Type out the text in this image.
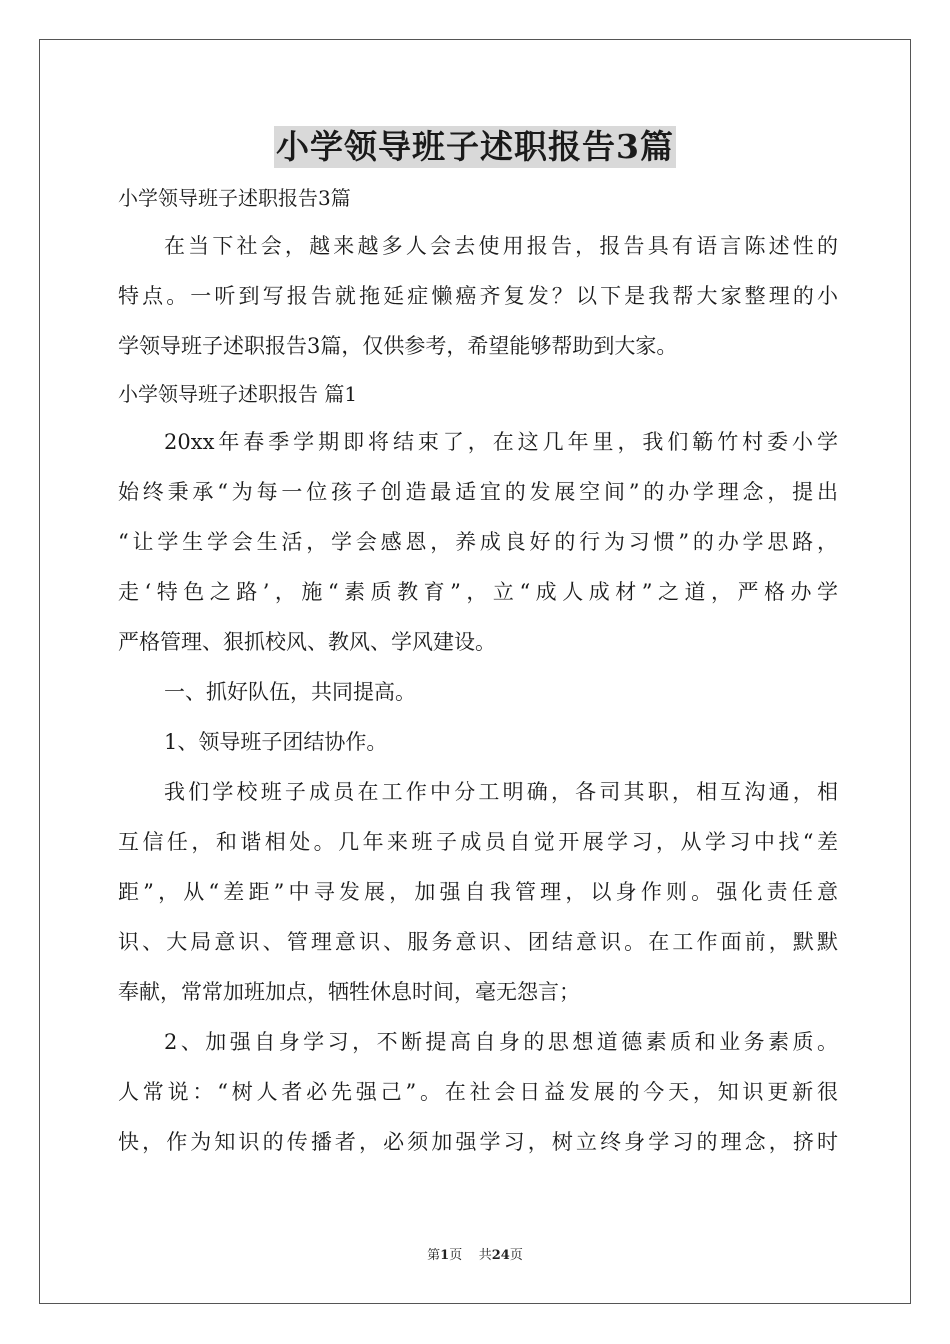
小学领导班子述职报告3篇
小学领导班子述职报告3篇
在当下社会，越来越多人会去使用报告，报告具有语言陈述性的
特点。一听到写报告就拖延症懒癌齐复发？以下是我帮大家整理的小
学领导班子述职报告3篇，仅供参考，希望能够帮助到大家。
小学领导班子述职报告 篇1
20xx年春季学期即将结束了，在这几年里，我们簕竹村委小学
始终秉承“为每一位孩子创造最适宜的发展空间”的办学理念，提出
“让学生学会生活，学会感恩，养成良好的行为习惯”的办学思路，
走‘特色之路’，施“素质教育”，立“成人成材”之道，严格办学
严格管理、狠抓校风、教风、学风建设。
一、抓好队伍，共同提高。
1、领导班子团结协作。
我们学校班子成员在工作中分工明确，各司其职，相互沟通，相
互信任，和谐相处。几年来班子成员自觉开展学习，从学习中找“差
距”，从“差距”中寻发展，加强自我管理，以身作则。强化责任意
识、大局意识、管理意识、服务意识、团结意识。在工作面前，默默
奉献，常常加班加点，牺牲休息时间，毫无怨言；
2、加强自身学习，不断提高自身的思想道德素质和业务素质。
人常说：“树人者必先强己”。在社会日益发展的今天，知识更新很
快，作为知识的传播者，必须加强学习，树立终身学习的理念，挤时
第1页 共24页
